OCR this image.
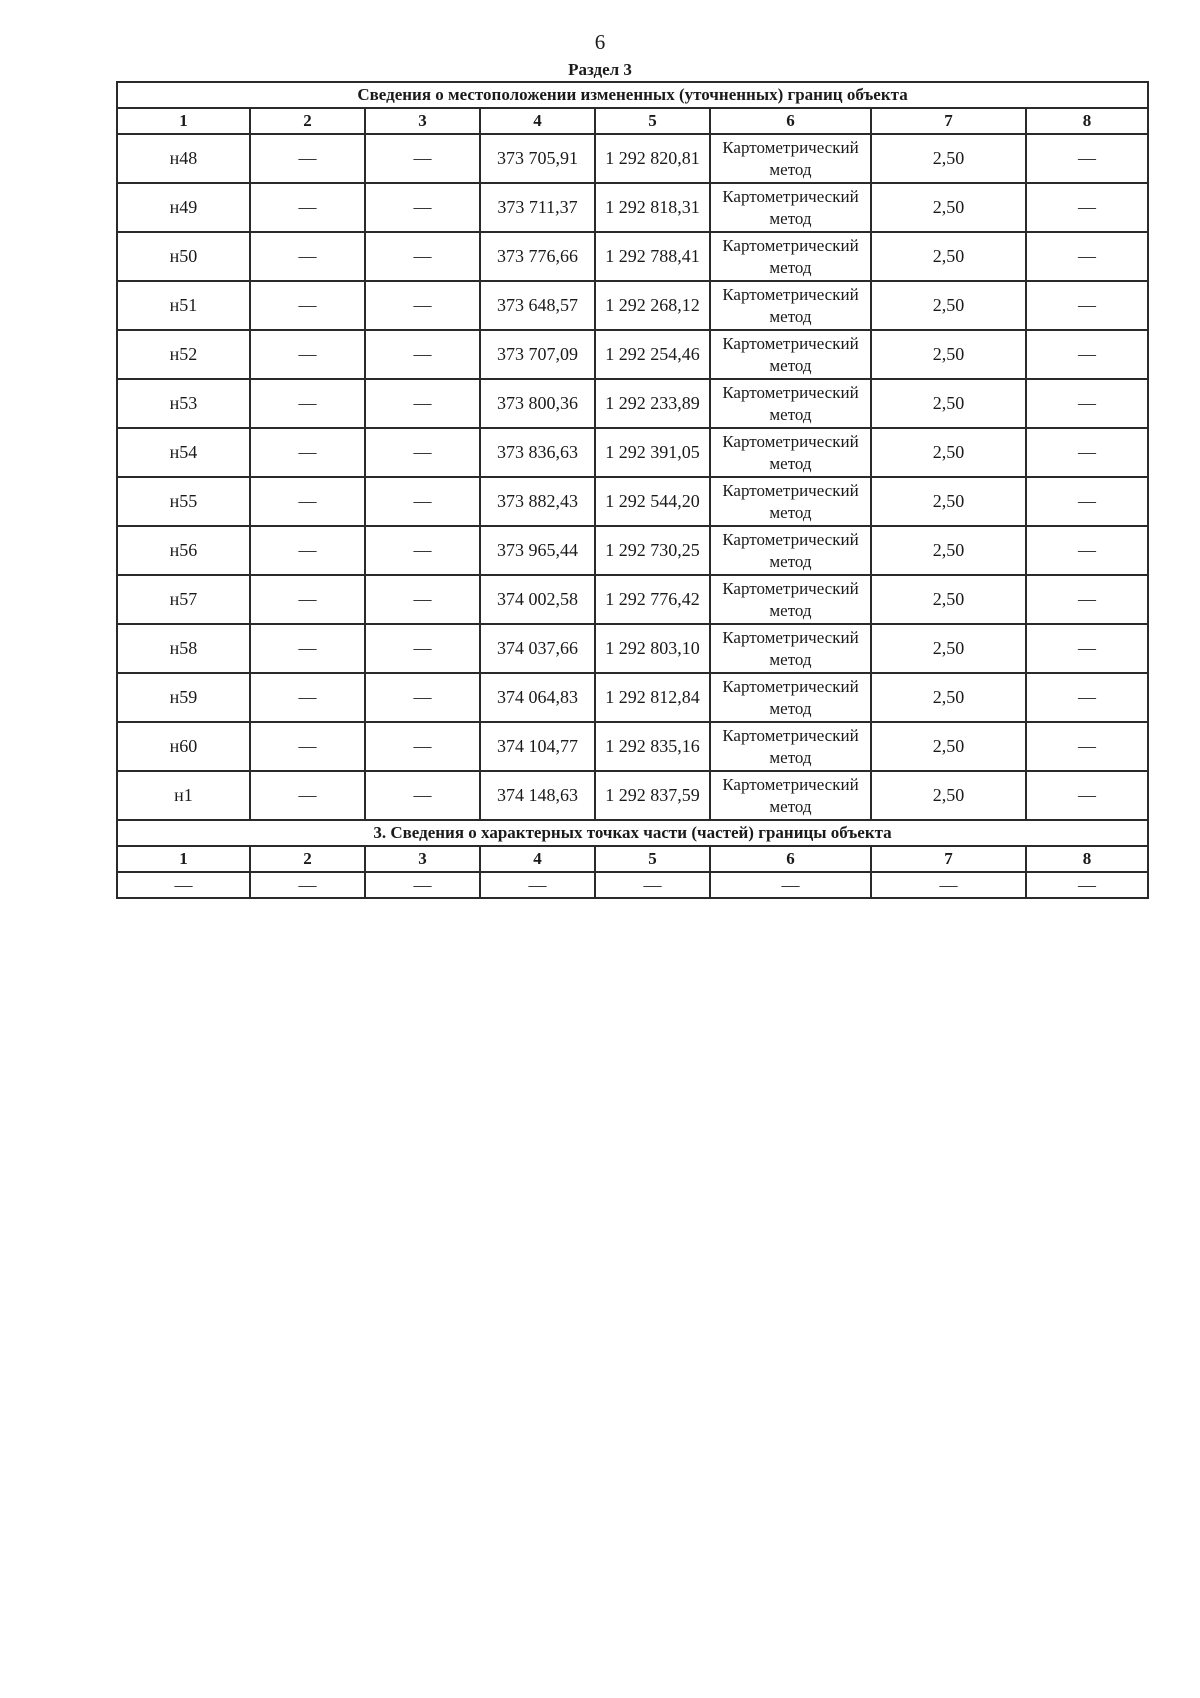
6
Раздел 3
Сведения о местоположении измененных (уточненных) границ объекта							
1	2	3	4	5	6	7	8
н48	—	—	373 705,91	1 292 820,81	Картометрический метод	2,50	—
н49	—	—	373 711,37	1 292 818,31	Картометрический метод	2,50	—
н50	—	—	373 776,66	1 292 788,41	Картометрический метод	2,50	—
н51	—	—	373 648,57	1 292 268,12	Картометрический метод	2,50	—
н52	—	—	373 707,09	1 292 254,46	Картометрический метод	2,50	—
н53	—	—	373 800,36	1 292 233,89	Картометрический метод	2,50	—
н54	—	—	373 836,63	1 292 391,05	Картометрический метод	2,50	—
н55	—	—	373 882,43	1 292 544,20	Картометрический метод	2,50	—
н56	—	—	373 965,44	1 292 730,25	Картометрический метод	2,50	—
н57	—	—	374 002,58	1 292 776,42	Картометрический метод	2,50	—
н58	—	—	374 037,66	1 292 803,10	Картометрический метод	2,50	—
н59	—	—	374 064,83	1 292 812,84	Картометрический метод	2,50	—
н60	—	—	374 104,77	1 292 835,16	Картометрический метод	2,50	—
н1	—	—	374 148,63	1 292 837,59	Картометрический метод	2,50	—
3. Сведения о характерных точках части (частей) границы объекта							
1	2	3	4	5	6	7	8
—	—	—	—	—	—	—	—
